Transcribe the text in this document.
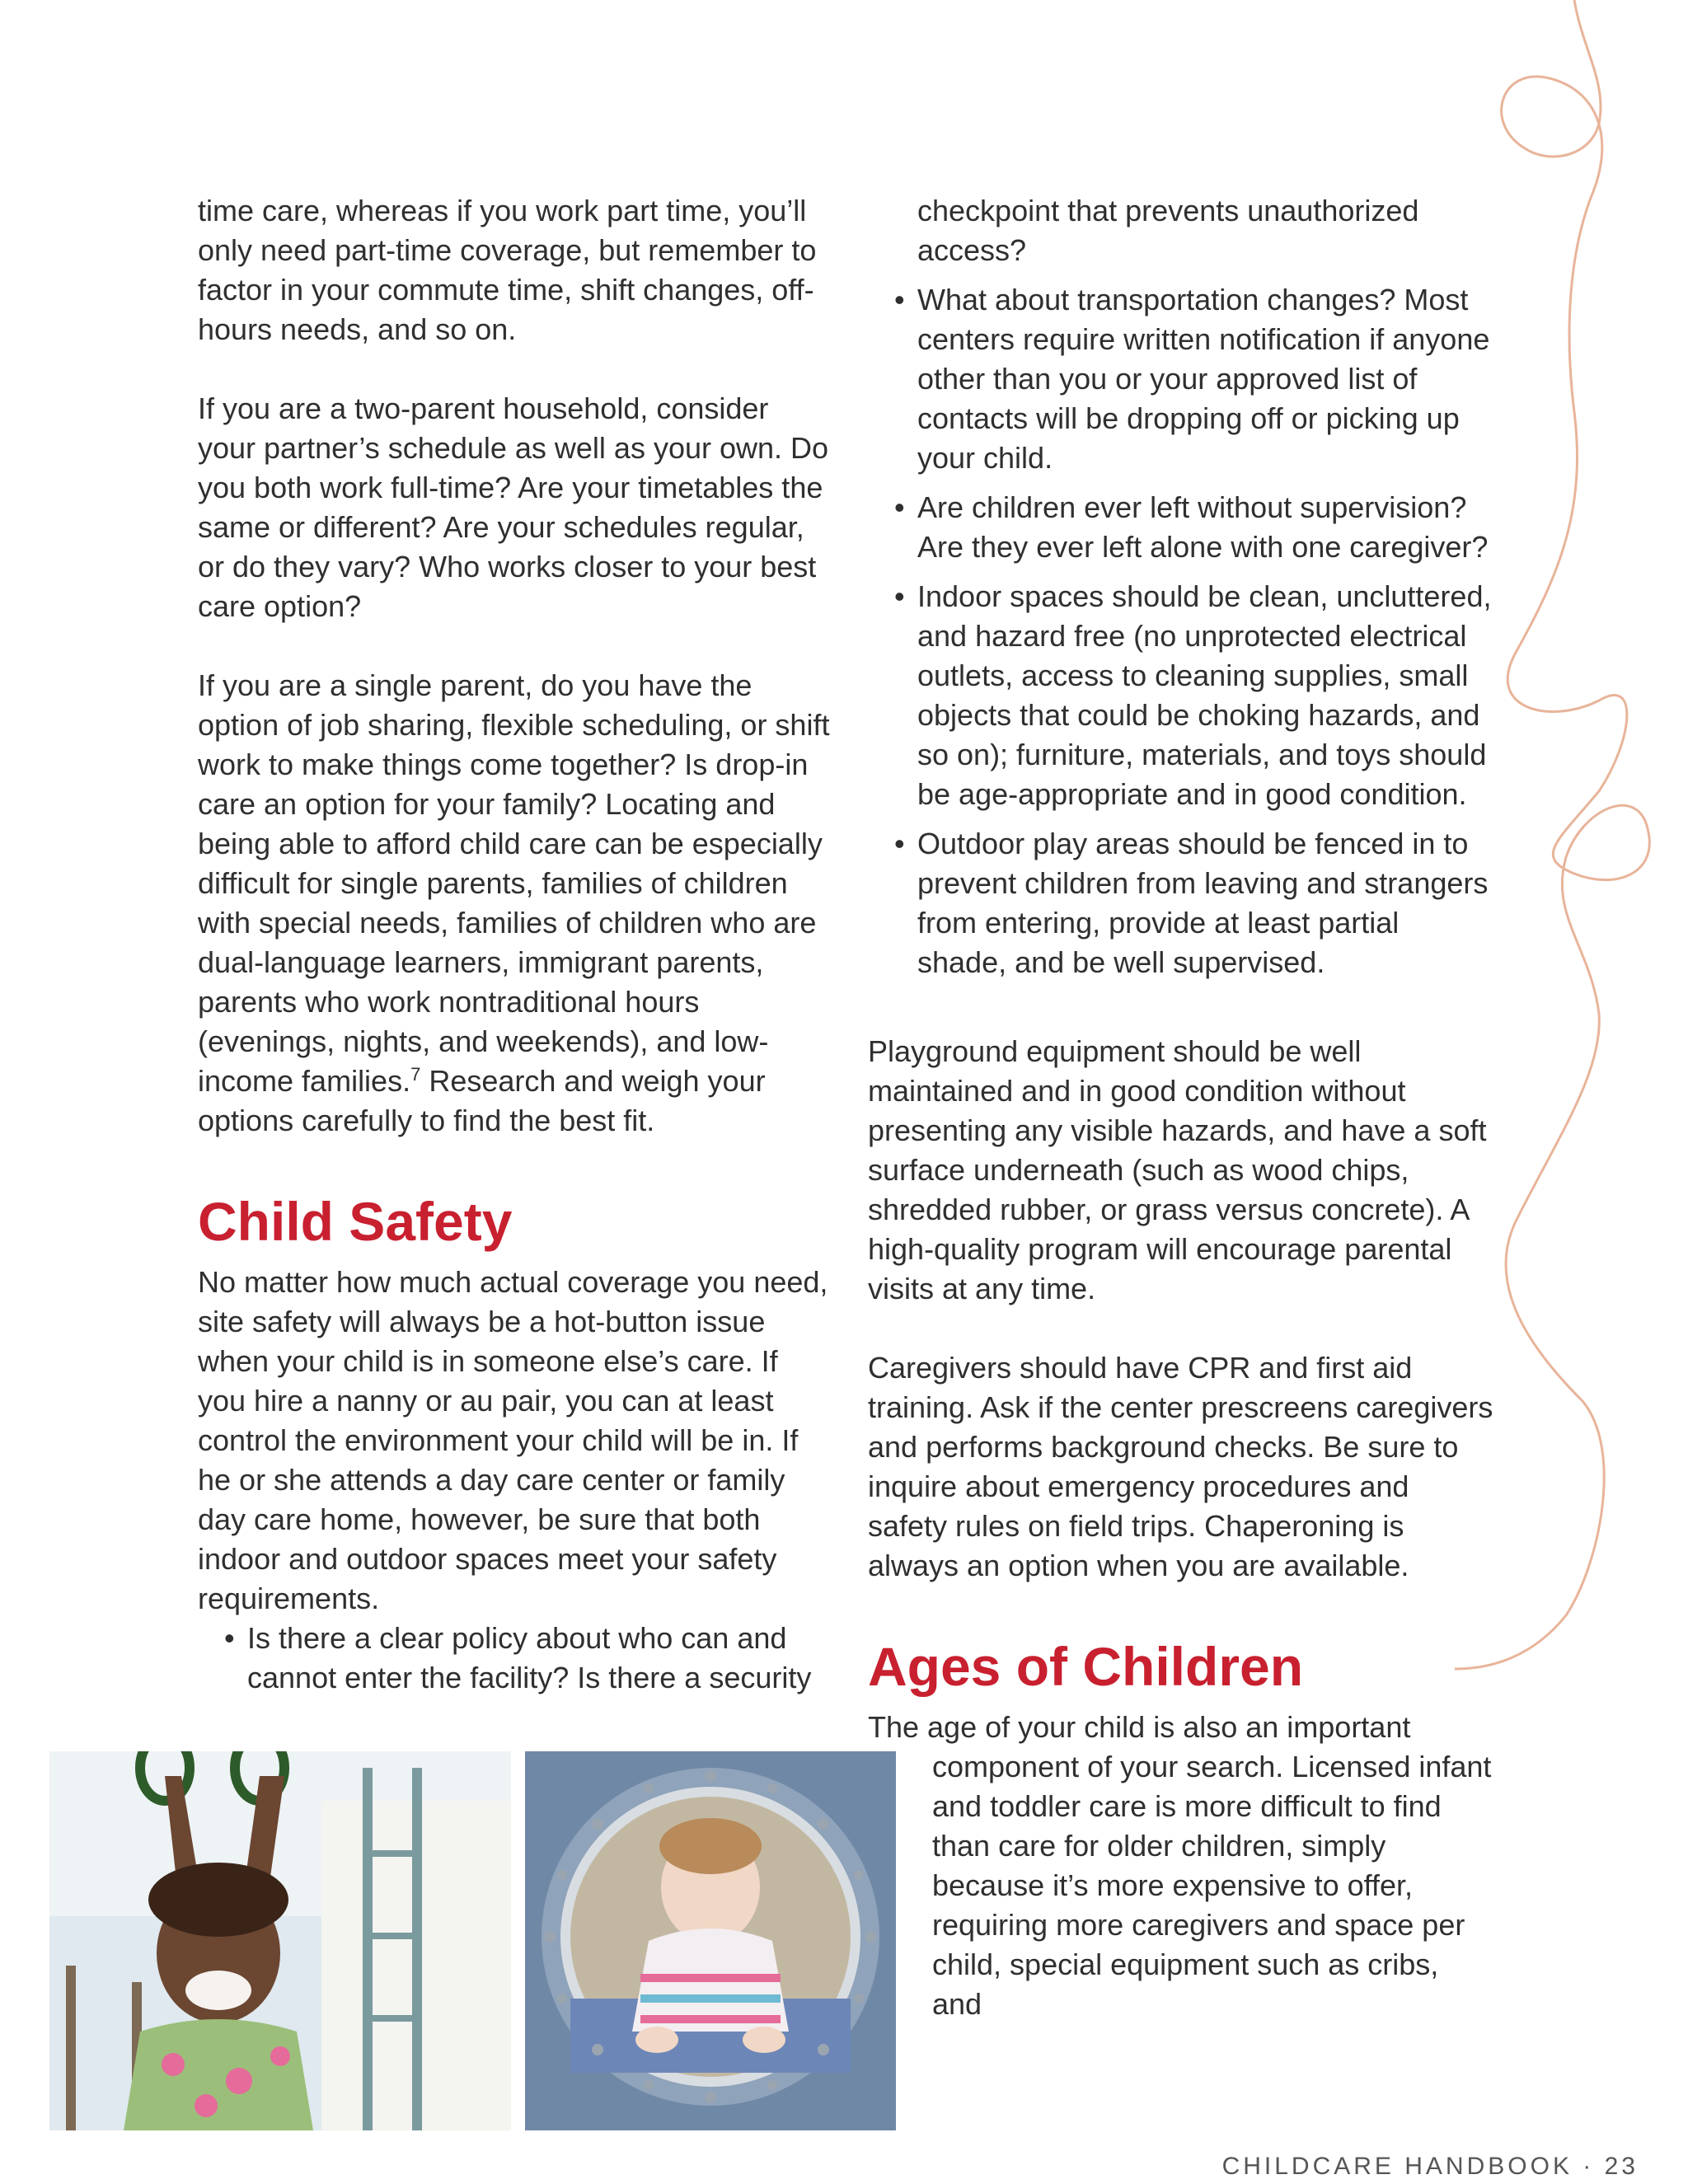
time care, whereas if you work part time, you’ll only need part-time coverage, but remember to factor in your commute time, shift changes, off-hours needs, and so on.

If you are a two-parent household, consider your partner’s schedule as well as your own. Do you both work full-time? Are your timetables the same or different? Are your schedules regular, or do they vary? Who works closer to your best care option?

If you are a single parent, do you have the option of job sharing, flexible scheduling, or shift work to make things come together? Is drop-in care an option for your family? Locating and being able to afford child care can be especially difficult for single parents, families of children with special needs, families of children who are dual-language learners, immigrant parents, parents who work nontraditional hours (evenings, nights, and weekends), and low-income families.$^7$ Research and weigh your options carefully to find the best fit.

Child Safety

No matter how much actual coverage you need, site safety will always be a hot-button issue when your child is in someone else’s care. If you hire a nanny or au pair, you can at least control the environment your child will be in. If he or she attends a day care center or family day care home, however, be sure that both indoor and outdoor spaces meet your safety requirements.

• Is there a clear policy about who can and cannot enter the facility? Is there a security
checkpoint that prevents unauthorized access?
• What about transportation changes? Most centers require written notification if anyone other than you or your approved list of contacts will be dropping off or picking up your child.
• Are children ever left without supervision? Are they ever left alone with one caregiver?
• Indoor spaces should be clean, uncluttered, and hazard free (no unprotected electrical outlets, access to cleaning supplies, small objects that could be choking hazards, and so on); furniture, materials, and toys should be age-appropriate and in good condition.
• Outdoor play areas should be fenced in to prevent children from leaving and strangers from entering, provide at least partial shade, and be well supervised.

Playground equipment should be well maintained and in good condition without presenting any visible hazards, and have a soft surface underneath (such as wood chips, shredded rubber, or grass versus concrete). A high-quality program will encourage parental visits at any time.

Caregivers should have CPR and first aid training. Ask if the center prescreens caregivers and performs background checks. Be sure to inquire about emergency procedures and safety rules on field trips. Chaperoning is always an option when you are available.

Ages of Children

The age of your child is also an important
component of your search. Licensed infant and toddler care is more difficult to find than care for older children, simply because it’s more expensive to offer, requiring more caregivers and space per child, special equipment such as cribs, and

CHILDCARE HANDBOOK · 23
